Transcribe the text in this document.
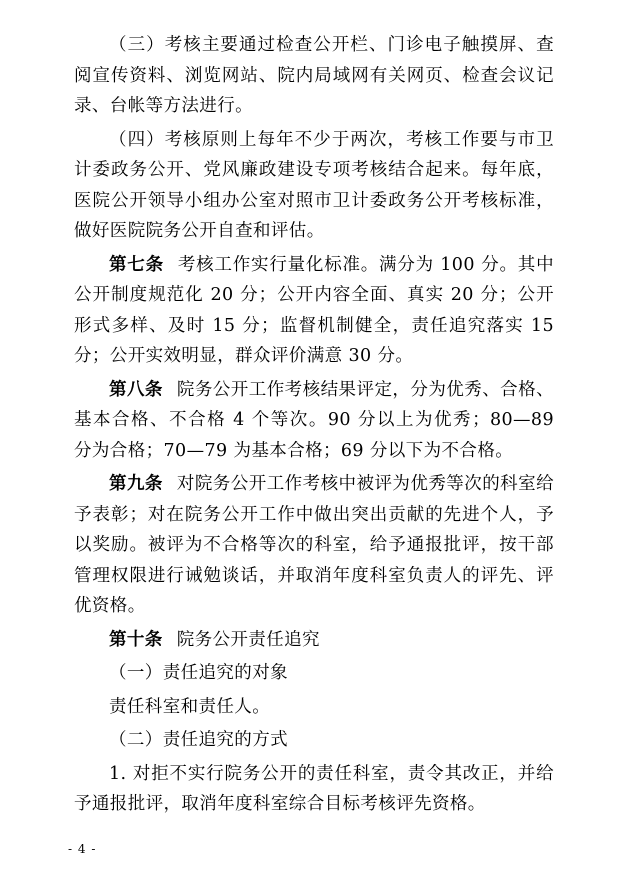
（三）考核主要通过检查公开栏、门诊电子触摸屏、查阅宣传资料、浏览网站、院内局域网有关网页、检查会议记录、台帐等方法进行。

（四）考核原则上每年不少于两次，考核工作要与市卫计委政务公开、党风廉政建设专项考核结合起来。每年底，医院公开领导小组办公室对照市卫计委政务公开考核标准，做好医院院务公开自查和评估。

第七条 考核工作实行量化标准。满分为 100 分。其中公开制度规范化 20 分；公开内容全面、真实 20 分；公开形式多样、及时 15 分；监督机制健全，责任追究落实 15 分；公开实效明显，群众评价满意 30 分。

第八条 院务公开工作考核结果评定，分为优秀、合格、基本合格、不合格 4 个等次。90 分以上为优秀；80—89 分为合格；70—79 为基本合格；69 分以下为不合格。

第九条 对院务公开工作考核中被评为优秀等次的科室给予表彰；对在院务公开工作中做出突出贡献的先进个人，予以奖励。被评为不合格等次的科室，给予通报批评，按干部管理权限进行诫勉谈话，并取消年度科室负责人的评先、评优资格。

第十条 院务公开责任追究

（一）责任追究的对象

责任科室和责任人。

（二）责任追究的方式

1. 对拒不实行院务公开的责任科室，责令其改正，并给予通报批评，取消年度科室综合目标考核评先资格。

- 4 -
